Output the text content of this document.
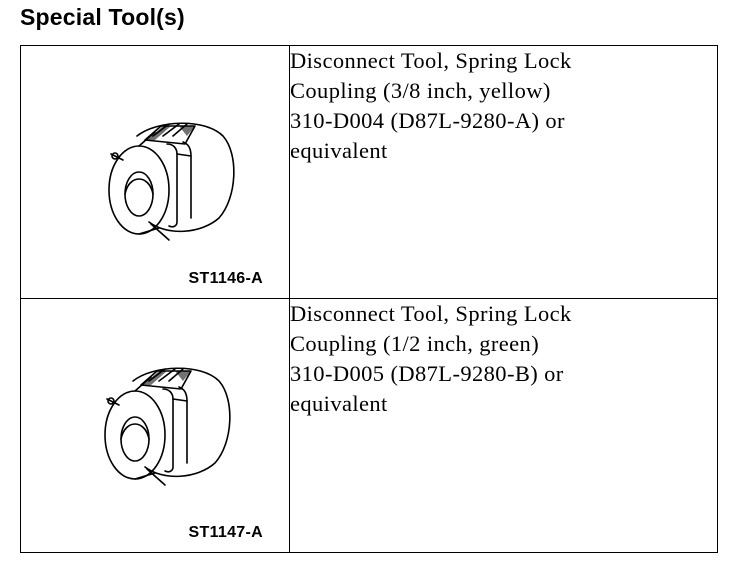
Special Tool(s)
ST1146-A	Disconnect Tool, Spring Lock
Coupling (3/8 inch, yellow)
310-D004 (D87L-9280-A) or
equivalent

ST1147-A	Disconnect Tool, Spring Lock
Coupling (1/2 inch, green)
310-D005 (D87L-9280-B) or
equivalent
